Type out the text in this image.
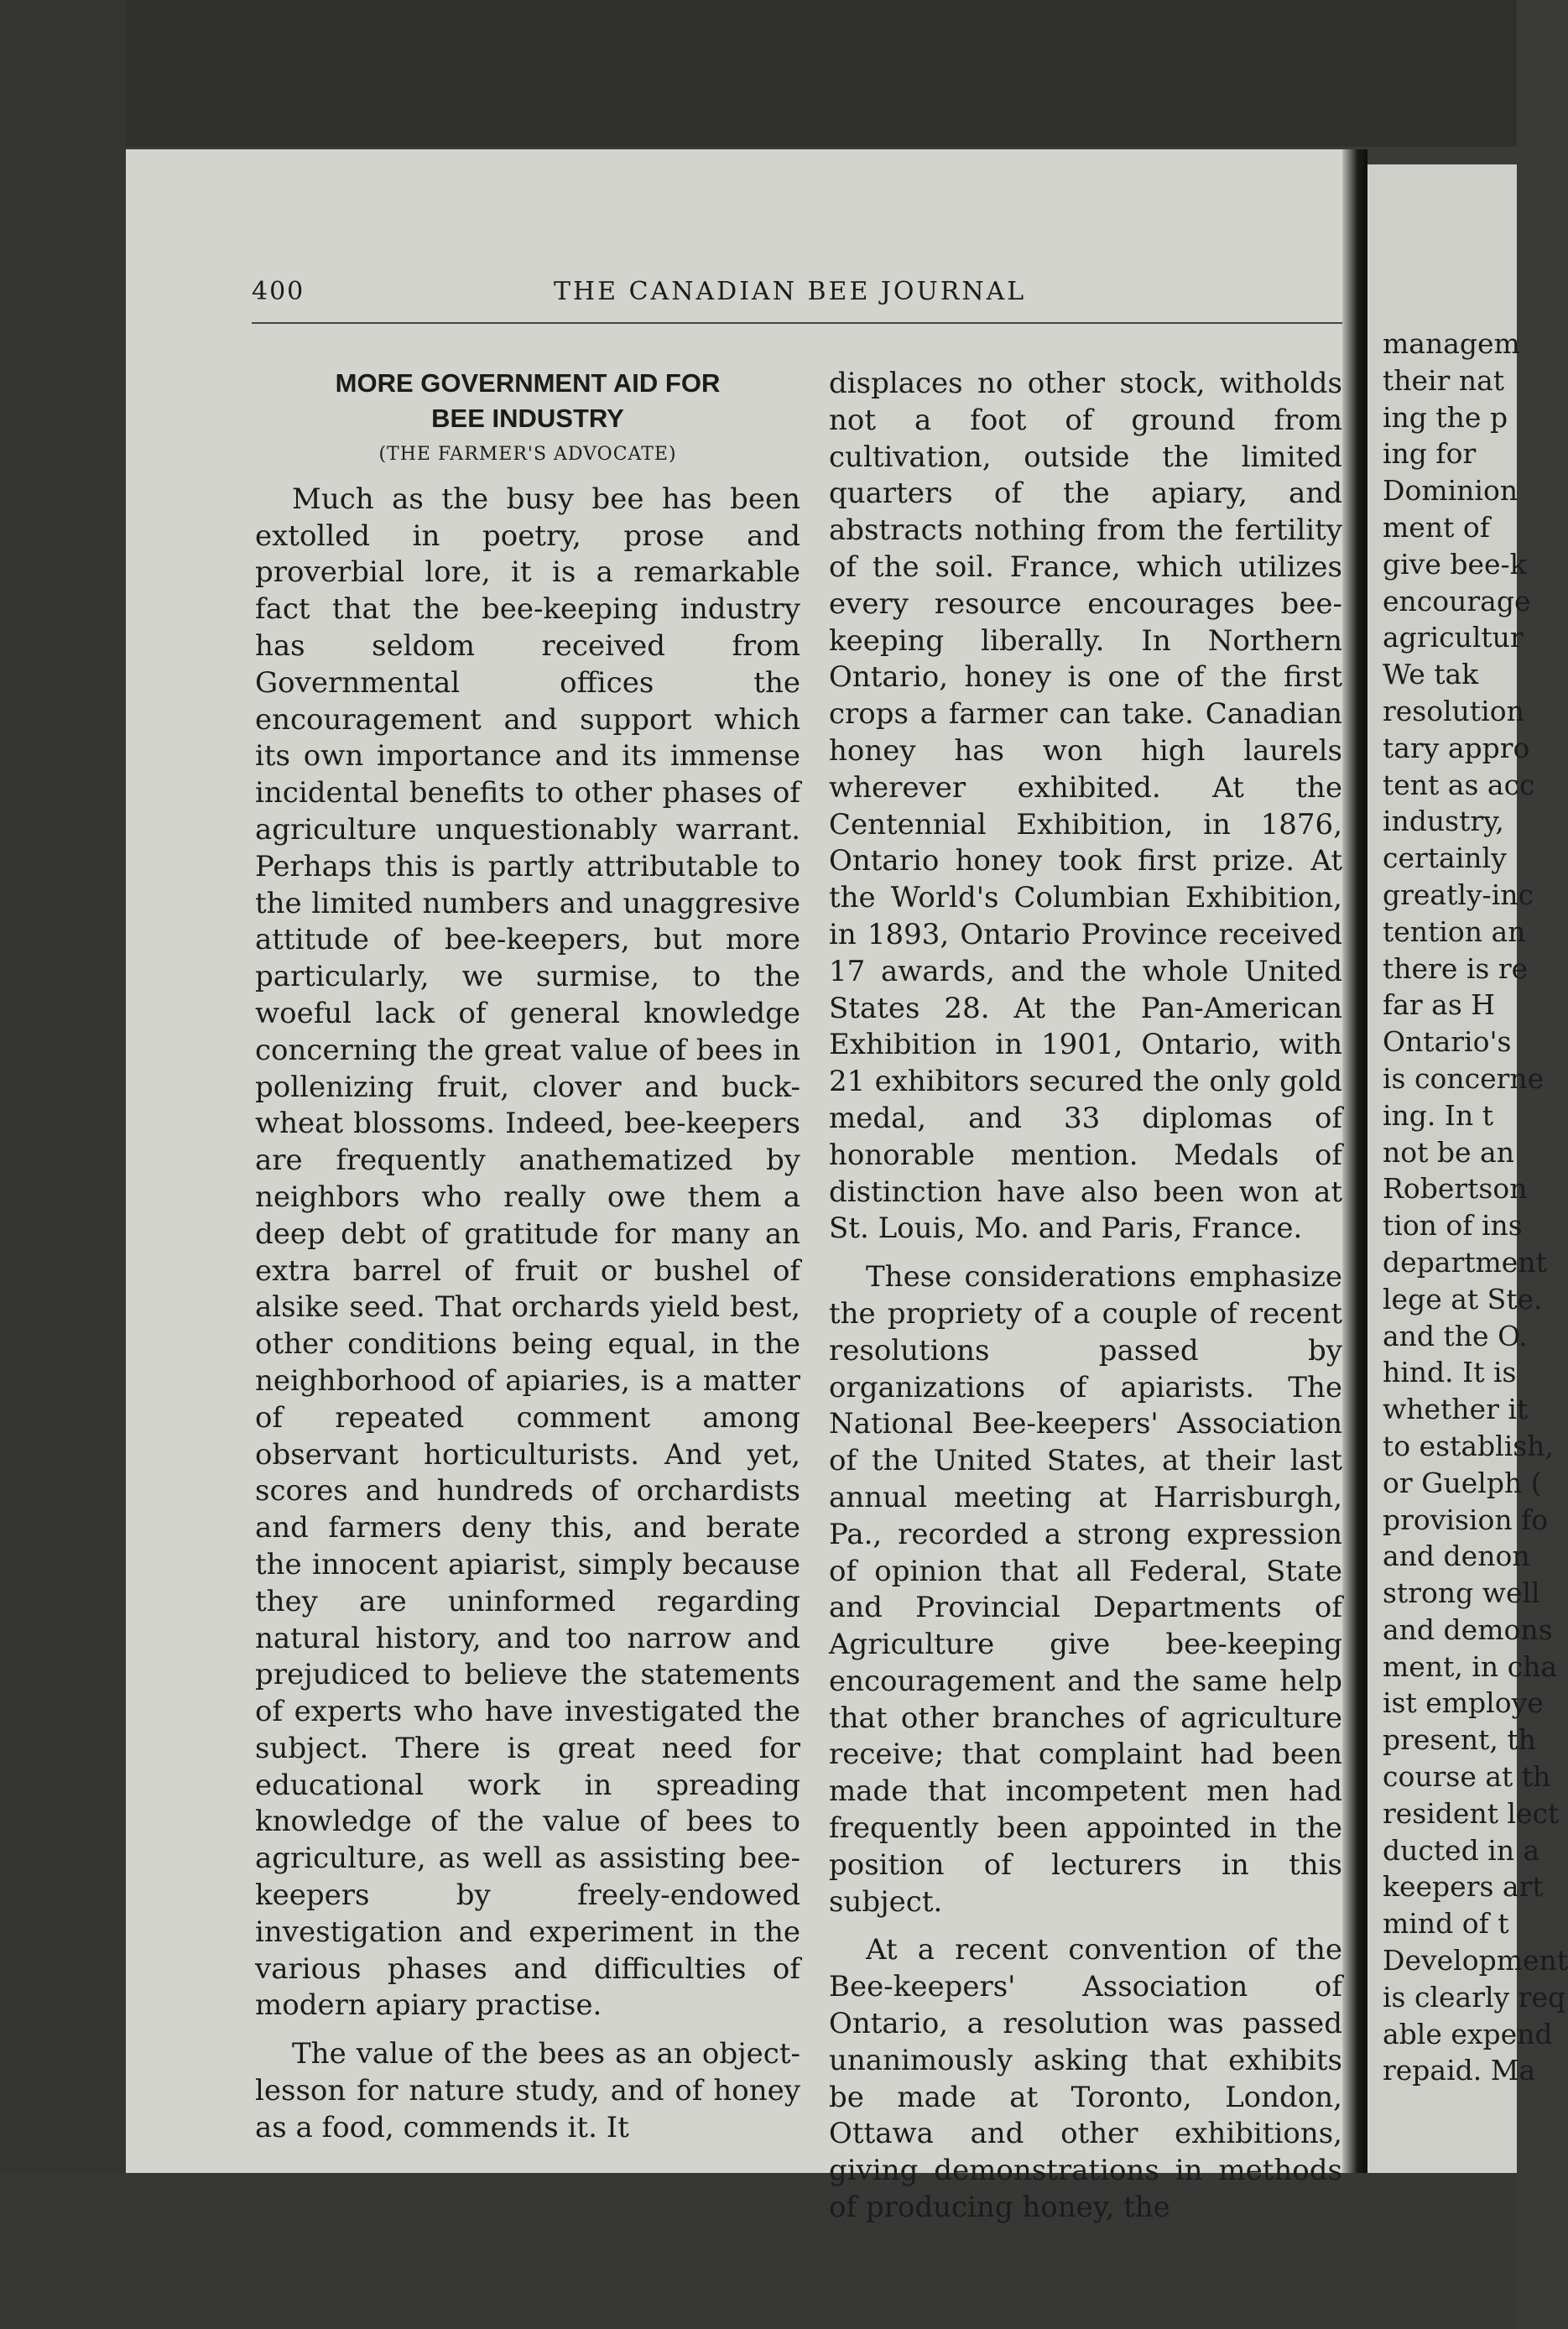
400	THE CANADIAN BEE JOURNAL
MORE GOVERNMENT AID FOR
BEE INDUSTRY
(THE FARMER'S ADVOCATE)

Much as the busy bee has been extolled in poetry, prose and proverbial lore, it is a remarkable fact that the bee-keeping industry has seldom received from Governmental offices the encouragement and support which its own importance and its immense incidental benefits to other phases of agriculture unquestionably warrant. Perhaps this is partly attributable to the limited numbers and unaggresive attitude of bee-keepers, but more particularly, we surmise, to the woeful lack of general knowledge concerning the great value of bees in pollenizing fruit, clover and buck-wheat blossoms. Indeed, bee-keepers are frequently anathematized by neighbors who really owe them a deep debt of gratitude for many an extra barrel of fruit or bushel of alsike seed. That orchards yield best, other conditions being equal, in the neighborhood of apiaries, is a matter of repeated comment among observant horticulturists. And yet, scores and hundreds of orchardists and farmers deny this, and berate the innocent apiarist, simply because they are uninformed regarding natural history, and too narrow and prejudiced to believe the statements of experts who have investigated the subject. There is great need for educational work in spreading knowledge of the value of bees to agriculture, as well as assisting bee-keepers by freely-endowed investigation and experiment in the various phases and difficulties of modern apiary practise.

The value of the bees as an object-lesson for nature study, and of honey as a food, commends it. It

displaces no other stock, witholds not a foot of ground from cultivation, outside the limited quarters of the apiary, and abstracts nothing from the fertility of the soil. France, which utilizes every resource encourages bee-keeping liberally. In Northern Ontario, honey is one of the first crops a farmer can take. Canadian honey has won high laurels wherever exhibited. At the Centennial Exhibition, in 1876, Ontario honey took first prize. At the World's Columbian Exhibition, in 1893, Ontario Province received 17 awards, and the whole United States 28. At the Pan-American Exhibition in 1901, Ontario, with 21 exhibitors secured the only gold medal, and 33 diplomas of honorable mention. Medals of distinction have also been won at St. Louis, Mo. and Paris, France.

These considerations emphasize the propriety of a couple of recent resolutions passed by organizations of apiarists. The National Bee-keepers' Association of the United States, at their last annual meeting at Harrisburgh, Pa., recorded a strong expression of opinion that all Federal, State and Provincial Departments of Agriculture give bee-keeping encouragement and the same help that other branches of agriculture receive; that complaint had been made that incompetent men had frequently been appointed in the position of lecturers in this subject.

At a recent convention of the Bee-keepers' Association of Ontario, a resolution was passed unanimously asking that exhibits be made at Toronto, London, Ottawa and other exhibitions, giving demonstrations in methods of producing honey, the

managem
their nat
ing the p
ing for
Dominion
ment of
give bee-k
encourage
agricultur
We tak
resolution
tary appro
tent as acc
industry,
certainly
greatly-inc
tention an
there is re
far as H
Ontario's
is concerne
ing. In t
not be an
Robertson
tion of ins
department
lege at Ste.
and the O.
hind. It is
whether it
to establish,
or Guelph (
provision fo
and denon
strong well
and demons
ment, in cha
ist employe
present, th
course at th
resident lect
ducted in a
keepers art
mind of t
Development
is clearly req
able expend
repaid. Ma
